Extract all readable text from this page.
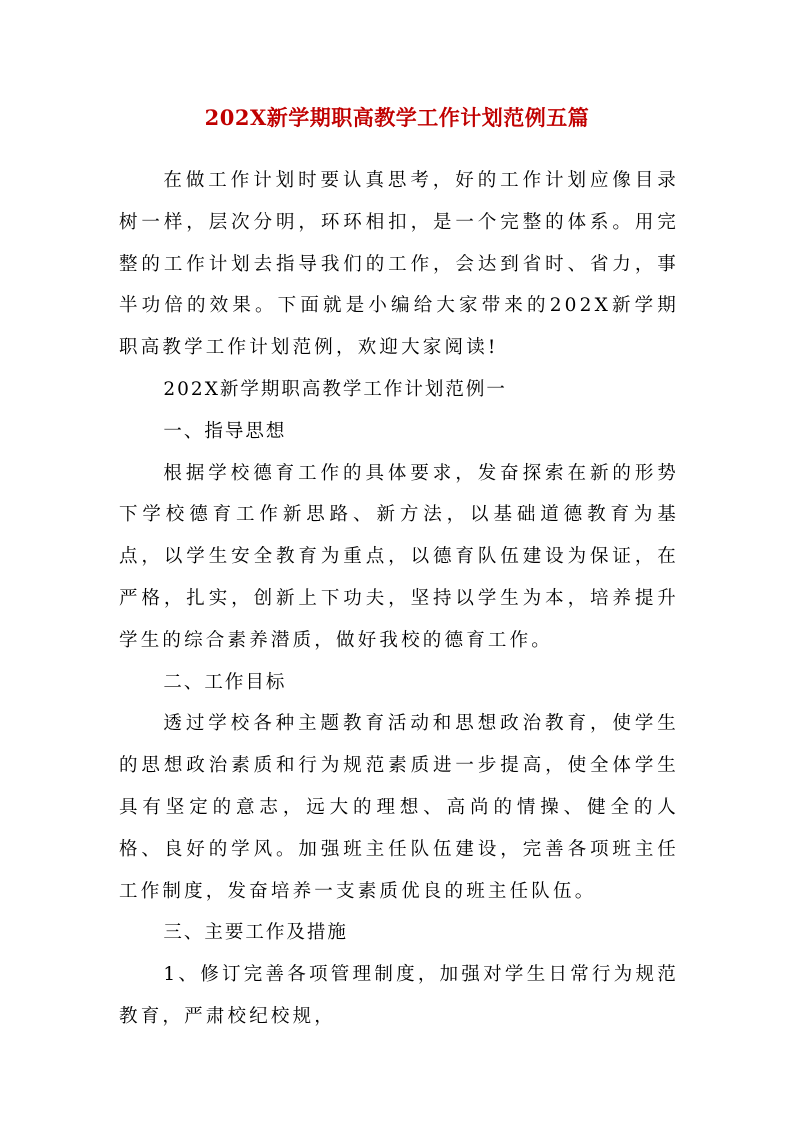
202X新学期职高教学工作计划范例五篇

在做工作计划时要认真思考，好的工作计划应像目录树一样，层次分明，环环相扣，是一个完整的体系。用完整的工作计划去指导我们的工作，会达到省时、省力，事半功倍的效果。下面就是小编给大家带来的202X新学期职高教学工作计划范例，欢迎大家阅读!

202X新学期职高教学工作计划范例一

一、指导思想

根据学校德育工作的具体要求，发奋探索在新的形势下学校德育工作新思路、新方法，以基础道德教育为基点，以学生安全教育为重点，以德育队伍建设为保证，在严格，扎实，创新上下功夫，坚持以学生为本，培养提升学生的综合素养潜质，做好我校的德育工作。

二、工作目标

透过学校各种主题教育活动和思想政治教育，使学生的思想政治素质和行为规范素质进一步提高，使全体学生具有坚定的意志，远大的理想、高尚的情操、健全的人格、良好的学风。加强班主任队伍建设，完善各项班主任工作制度，发奋培养一支素质优良的班主任队伍。

三、主要工作及措施

1、修订完善各项管理制度，加强对学生日常行为规范教育，严肃校纪校规，
